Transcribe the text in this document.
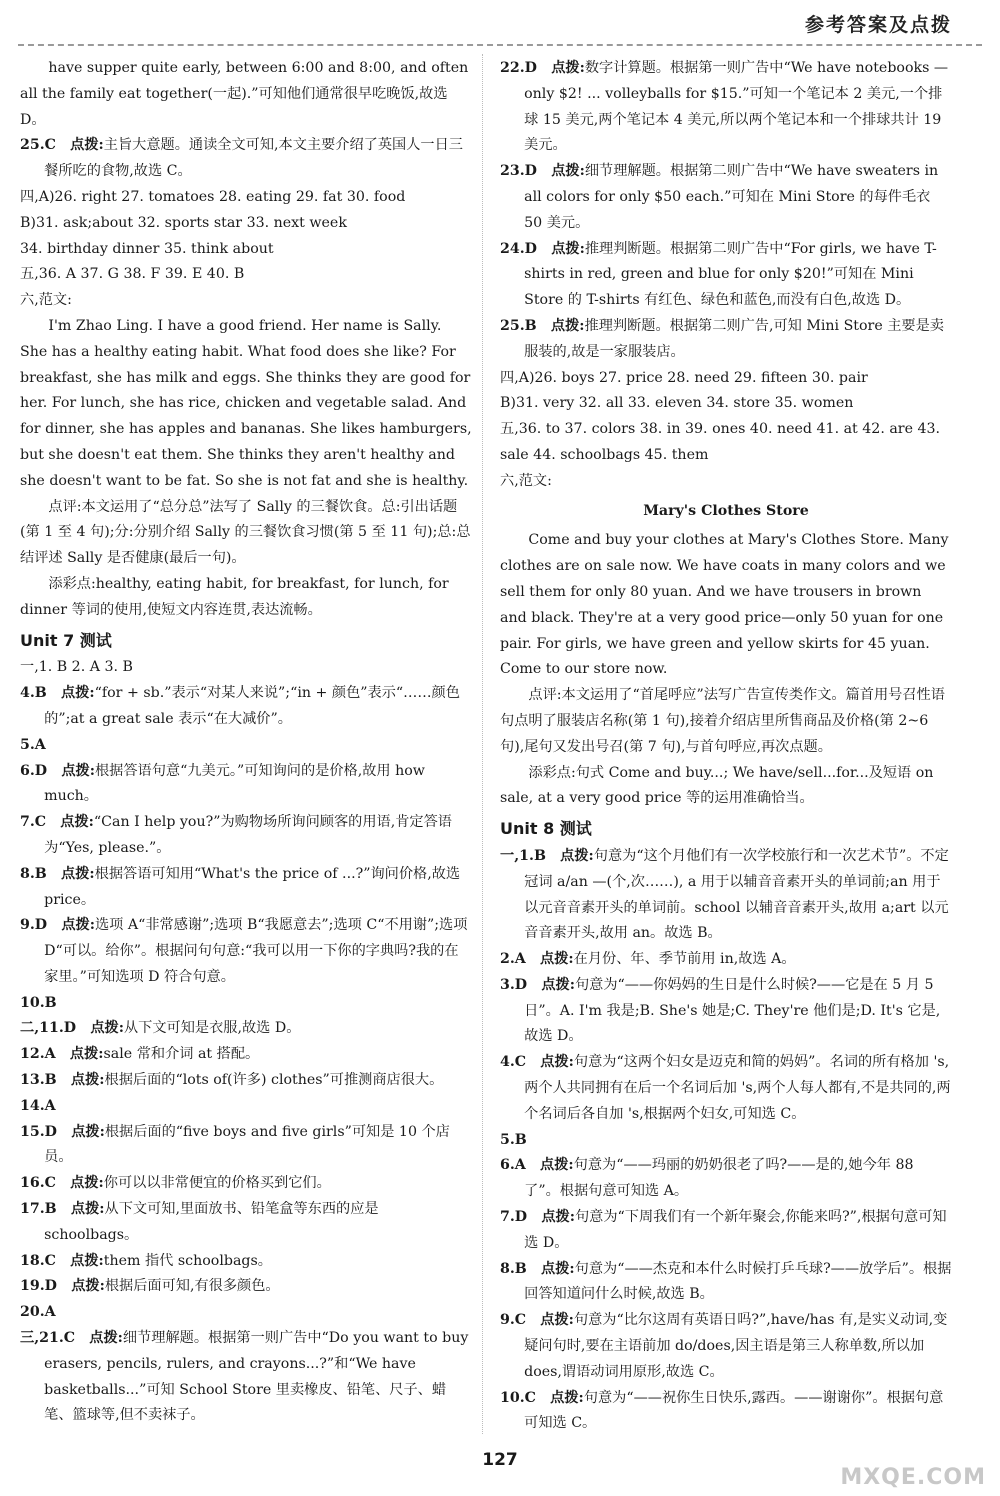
参考答案及点拨

have supper quite early, between 6:00 and 8:00, and often all the family eat together(一起).”可知他们通常很早吃晚饭,故选 D。

25.C  点拨:主旨大意题。通读全文可知,本文主要介绍了英国人一日三餐所吃的食物,故选 C。

四,A)26. right 27. tomatoes 28. eating 29. fat 30. food

B)31. ask;about 32. sports star 33. next week

34. birthday dinner 35. think about

五,36. A 37. G 38. F 39. E 40. B

六,范文:

I'm Zhao Ling. I have a good friend. Her name is Sally. She has a healthy eating habit. What food does she like? For breakfast, she has milk and eggs. She thinks they are good for her. For lunch, she has rice, chicken and vegetable salad. And for dinner, she has apples and bananas. She likes hamburgers, but she doesn't eat them. She thinks they aren't healthy and she doesn't want to be fat. So she is not fat and she is healthy.

点评:本文运用了“总分总”法写了 Sally 的三餐饮食。总:引出话题(第 1 至 4 句);分:分别介绍 Sally 的三餐饮食习惯(第 5 至 11 句);总:总结评述 Sally 是否健康(最后一句)。

添彩点:healthy, eating habit, for breakfast, for lunch, for dinner 等词的使用,使短文内容连贯,表达流畅。

Unit 7 测试

一,1. B 2. A 3. B

4.B  点拨:“for + sb.”表示“对某人来说”;“in + 颜色”表示“……颜色的”;at a great sale 表示“在大减价”。

5.A 

6.D  点拨:根据答语句意“九美元。”可知询问的是价格,故用 how much。

7.C  点拨:“Can I help you?”为购物场所询问顾客的用语,肯定答语为“Yes, please.”。

8.B  点拨:根据答语可知用“What's the price of ...?”询问价格,故选 price。

9.D  点拨:选项 A“非常感谢”;选项 B“我愿意去”;选项 C“不用谢”;选项 D“可以。给你”。根据问句句意:“我可以用一下你的字典吗?我的在家里。”可知选项 D 符合句意。

10.B 

二,11.D  点拨:从下文可知是衣服,故选 D。

12.A  点拨:sale 常和介词 at 搭配。

13.B  点拨:根据后面的“lots of(许多) clothes”可推测商店很大。

14.A 

15.D  点拨:根据后面的“five boys and five girls”可知是 10 个店员。

16.C  点拨:你可以以非常便宜的价格买到它们。

17.B  点拨:从下文可知,里面放书、铅笔盒等东西的应是 schoolbags。

18.C  点拨:them 指代 schoolbags。

19.D  点拨:根据后面可知,有很多颜色。

20.A 

三,21.C  点拨:细节理解题。根据第一则广告中“Do you want to buy erasers, pencils, rulers, and crayons...?”和“We have basketballs...”可知 School Store 里卖橡皮、铅笔、尺子、蜡笔、篮球等,但不卖袜子。

22.D  点拨:数字计算题。根据第一则广告中“We have notebooks — only $2! ... volleyballs for $15.”可知一个笔记本 2 美元,一个排球 15 美元,两个笔记本 4 美元,所以两个笔记本和一个排球共计 19 美元。

23.D  点拨:细节理解题。根据第二则广告中“We have sweaters in all colors for only $50 each.”可知在 Mini Store 的每件毛衣 50 美元。

24.D  点拨:推理判断题。根据第二则广告中“For girls, we have T-shirts in red, green and blue for only $20!”可知在 Mini Store 的 T-shirts 有红色、绿色和蓝色,而没有白色,故选 D。

25.B  点拨:推理判断题。根据第二则广告,可知 Mini Store 主要是卖服装的,故是一家服装店。

四,A)26. boys 27. price 28. need 29. fifteen 30. pair

B)31. very 32. all 33. eleven 34. store 35. women

五,36. to 37. colors 38. in 39. ones 40. need 41. at 42. are 43. sale 44. schoolbags 45. them

六,范文:

Mary's Clothes Store

Come and buy your clothes at Mary's Clothes Store. Many clothes are on sale now. We have coats in many colors and we sell them for only 80 yuan. And we have trousers in brown and black. They're at a very good price—only 50 yuan for one pair. For girls, we have green and yellow skirts for 45 yuan. Come to our store now.

点评:本文运用了“首尾呼应”法写广告宣传类作文。篇首用号召性语句点明了服装店名称(第 1 句),接着介绍店里所售商品及价格(第 2~6 句),尾句又发出号召(第 7 句),与首句呼应,再次点题。

添彩点:句式 Come and buy...; We have/sell...for...及短语 on sale, at a very good price 等的运用准确恰当。

Unit 8 测试

一,1.B  点拨:句意为“这个月他们有一次学校旅行和一次艺术节”。不定冠词 a/an —(个,次……), a 用于以辅音音素开头的单词前;an 用于以元音音素开头的单词前。school 以辅音音素开头,故用 a;art 以元音音素开头,故用 an。故选 B。

2.A  点拨:在月份、年、季节前用 in,故选 A。

3.D  点拨:句意为“——你妈妈的生日是什么时候?——它是在 5 月 5 日”。A. I'm 我是;B. She's 她是;C. They're 他们是;D. It's 它是,故选 D。

4.C  点拨:句意为“这两个妇女是迈克和简的妈妈”。名词的所有格加 's,两个人共同拥有在后一个名词后加 's,两个人每人都有,不是共同的,两个名词后各自加 's,根据两个妇女,可知选 C。

5.B 

6.A  点拨:句意为“——玛丽的奶奶很老了吗?——是的,她今年 88 了”。根据句意可知选 A。

7.D  点拨:句意为“下周我们有一个新年聚会,你能来吗?”,根据句意可知选 D。

8.B  点拨:句意为“——杰克和本什么时候打乒乓球?——放学后”。根据回答知道问什么时候,故选 B。

9.C  点拨:句意为“比尔这周有英语日吗?”,have/has 有,是实义动词,变疑问句时,要在主语前加 do/does,因主语是第三人称单数,所以加 does,谓语动词用原形,故选 C。

10.C  点拨:句意为“——祝你生日快乐,露西。——谢谢你”。根据句意可知选 C。

127
MXQE.COM
